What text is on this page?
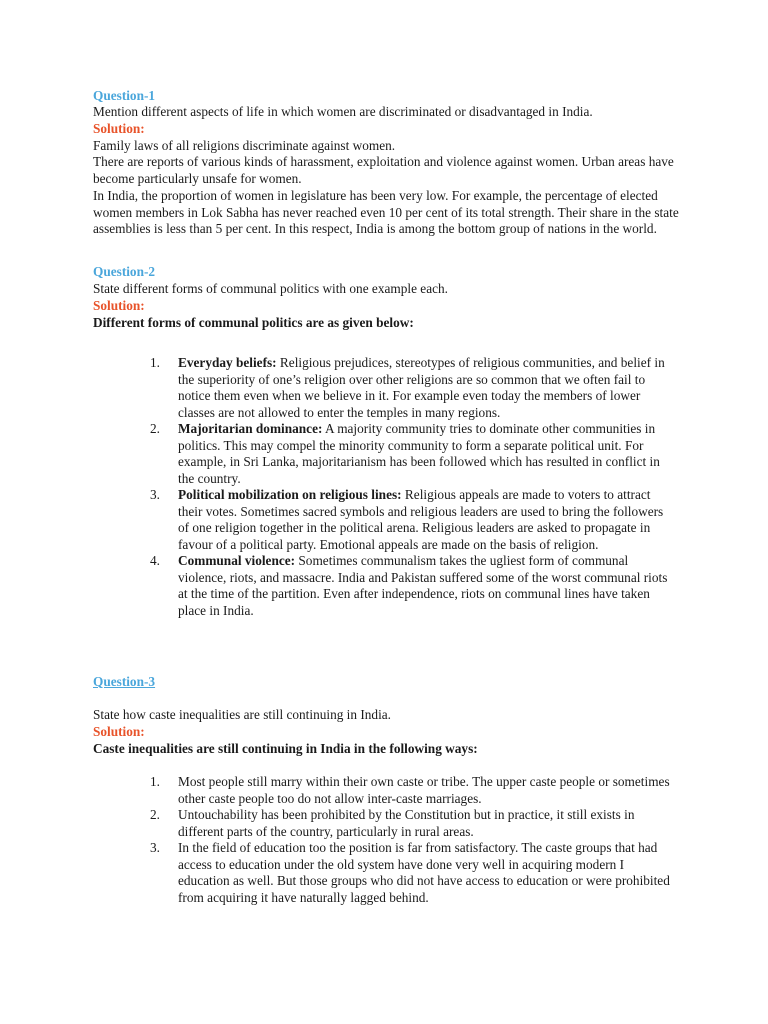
Question-1
Mention different aspects of life in which women are discriminated or disadvantaged in India.
Solution:
Family laws of all religions discriminate against women.
There are reports of various kinds of harassment, exploitation and violence against women. Urban areas have become particularly unsafe for women.
In India, the proportion of women in legislature has been very low. For example, the percentage of elected women members in Lok Sabha has never reached even 10 per cent of its total strength. Their share in the state assemblies is less than 5 per cent. In this respect, India is among the bottom group of nations in the world.
Question-2
State different forms of communal politics with one example each.
Solution:
Different forms of communal politics are as given below:
1.	Everyday beliefs: Religious prejudices, stereotypes of religious communities, and belief in the superiority of one’s religion over other religions are so common that we often fail to notice them even when we believe in it. For example even today the members of lower classes are not allowed to enter the temples in many regions.
2.	Majoritarian dominance: A majority community tries to dominate other communities in politics. This may compel the minority community to form a separate political unit. For example, in Sri Lanka, majoritarianism has been followed which has resulted in conflict in the country.
3.	Political mobilization on religious lines: Religious appeals are made to voters to attract their votes. Sometimes sacred symbols and religious leaders are used to bring the followers of one religion together in the political arena. Religious leaders are asked to propagate in favour of a political party. Emotional appeals are made on the basis of religion.
4.	Communal violence: Sometimes communalism takes the ugliest form of communal violence, riots, and massacre. India and Pakistan suffered some of the worst communal riots at the time of the partition. Even after independence, riots on communal lines have taken place in India.
Question-3
State how caste inequalities are still continuing in India.
Solution:
Caste inequalities are still continuing in India in the following ways:
1.	Most people still marry within their own caste or tribe. The upper caste people or sometimes other caste people too do not allow inter-caste marriages.
2.	Untouchability has been prohibited by the Constitution but in practice, it still exists in different parts of the country, particularly in rural areas.
3.	In the field of education too the position is far from satisfactory. The caste groups that had access to education under the old system have done very well in acquiring modern I education as well. But those groups who did not have access to education or were prohibited from acquiring it have naturally lagged behind.
